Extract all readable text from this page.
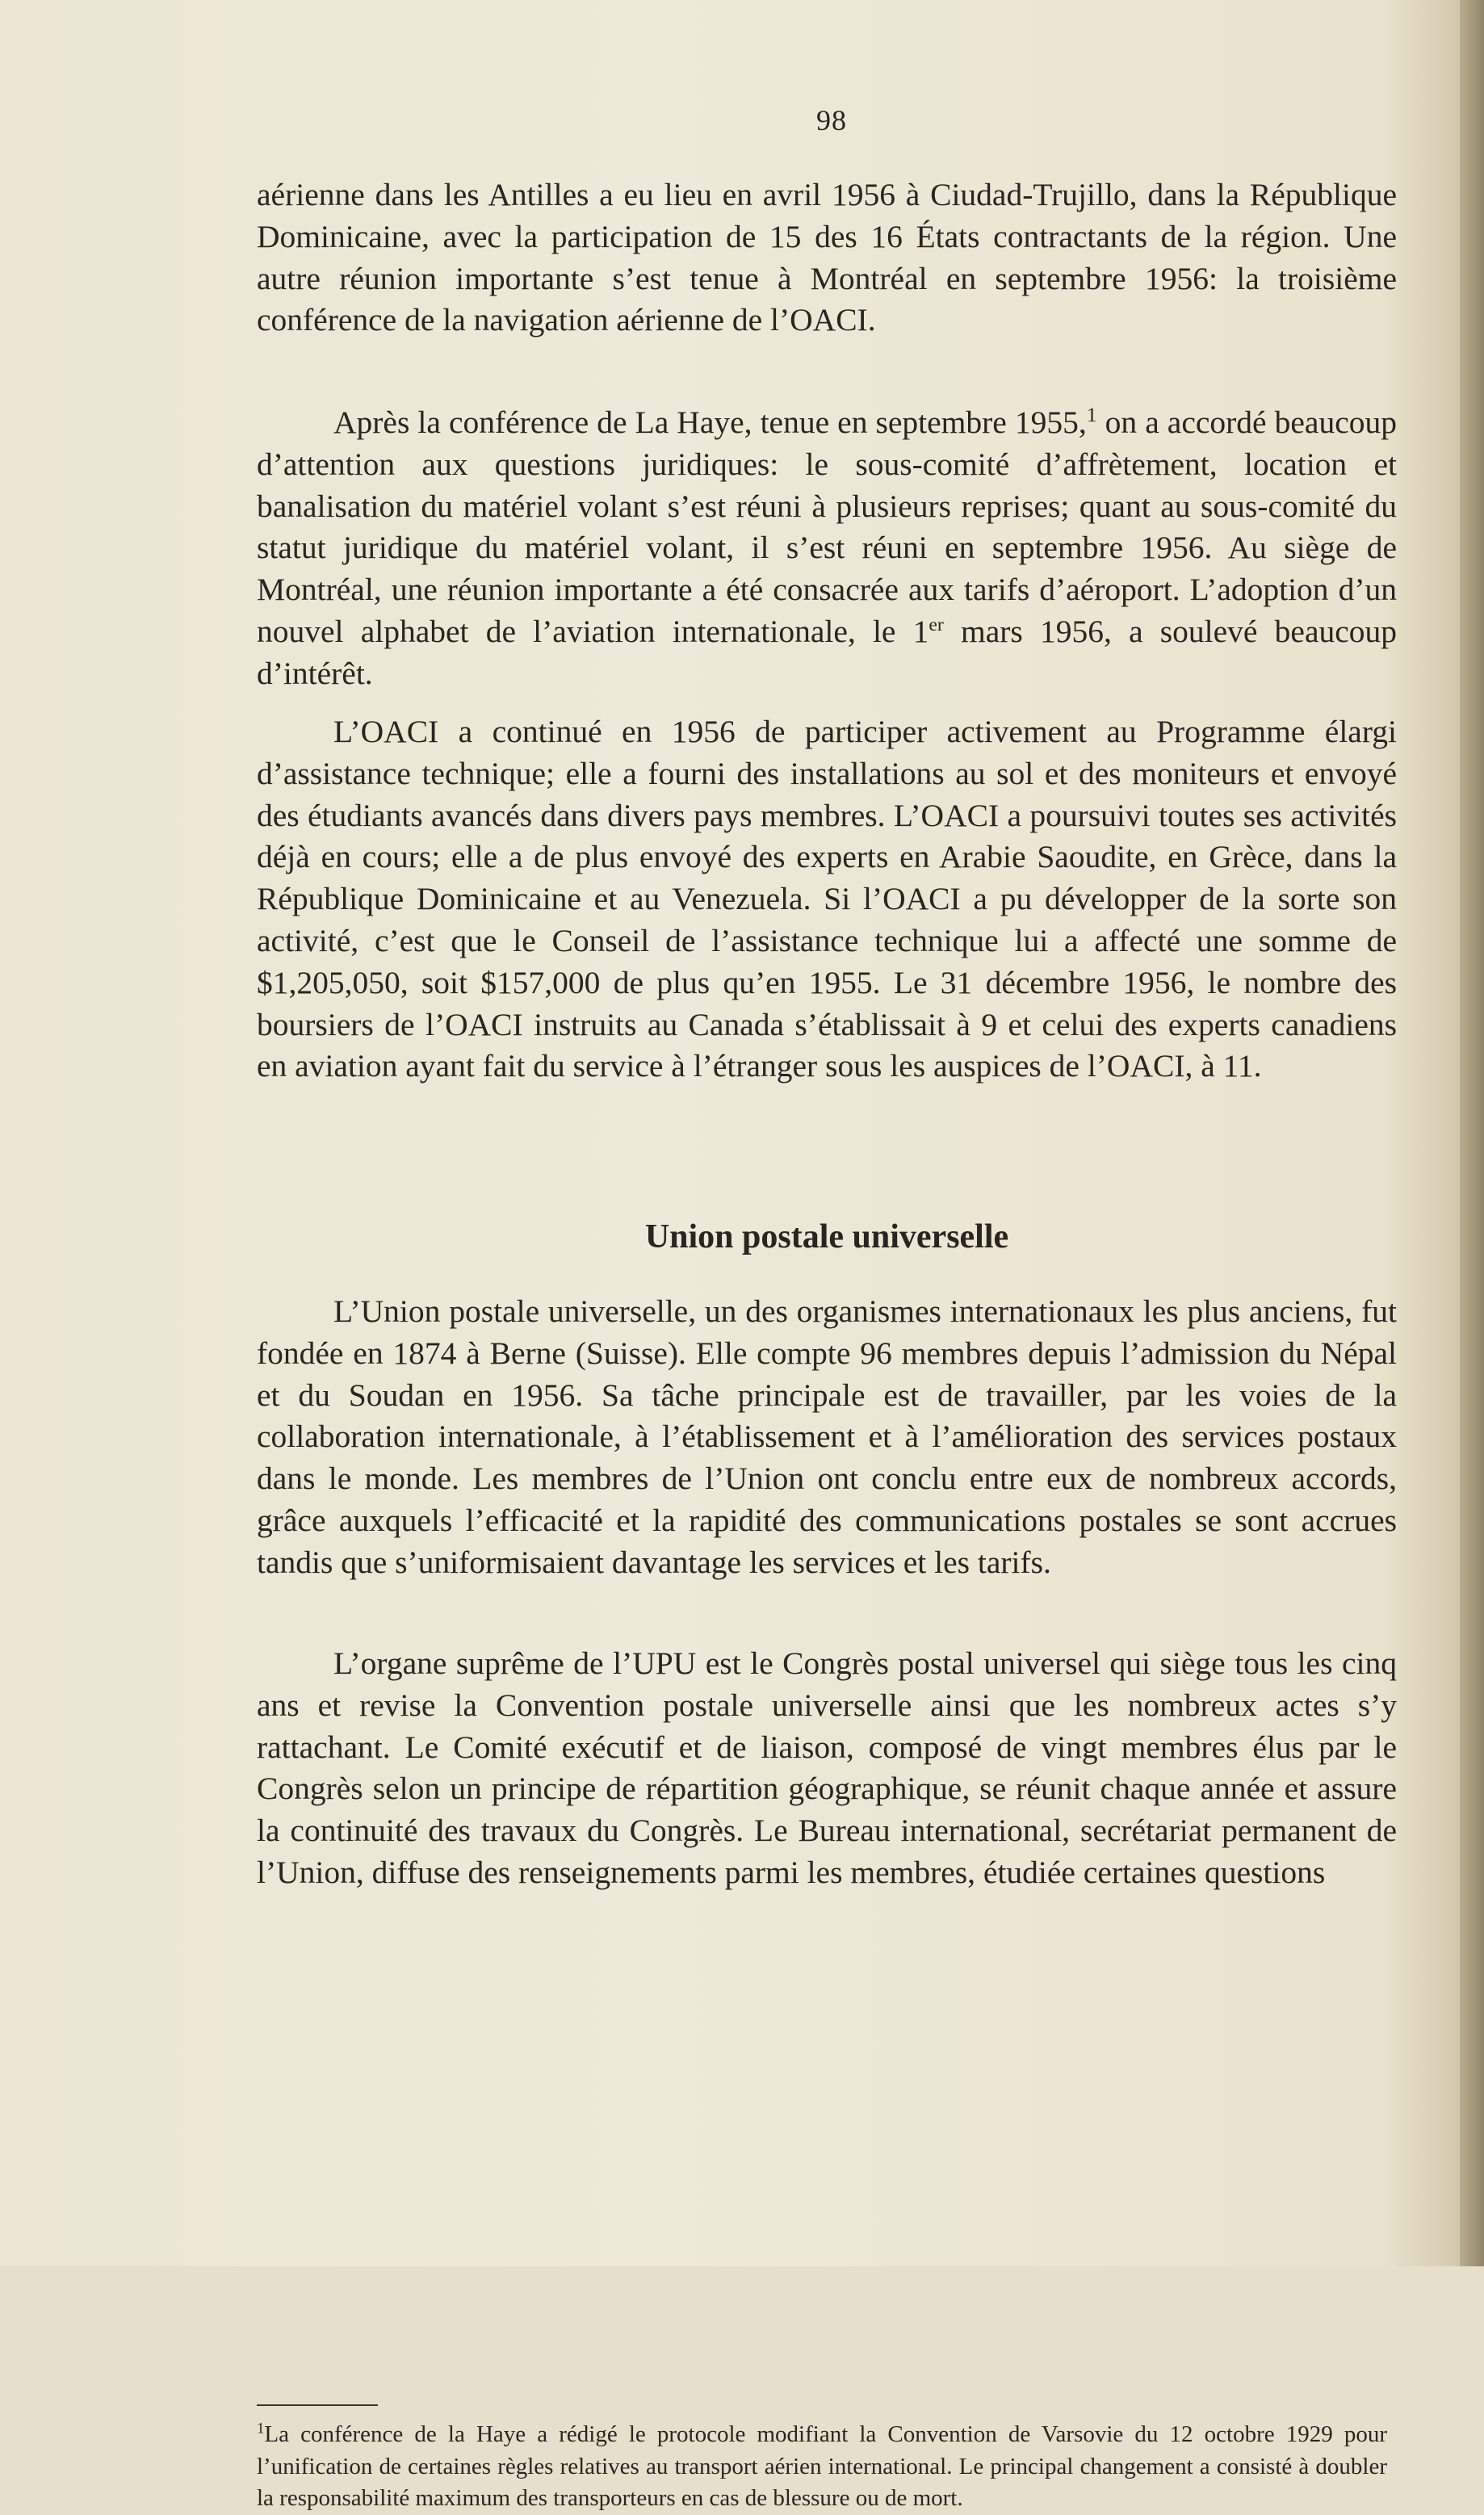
98

aérienne dans les Antilles a eu lieu en avril 1956 à Ciudad-Trujillo, dans la République Dominicaine, avec la participation de 15 des 16 États contractants de la région. Une autre réunion importante s’est tenue à Montréal en septembre 1956: la troisième conférence de la navigation aérienne de l’OACI.

Après la conférence de La Haye, tenue en septembre 1955,$^1$ on a accordé beaucoup d’attention aux questions juridiques: le sous-comité d’affrètement, location et banalisation du matériel volant s’est réuni à plusieurs reprises; quant au sous-comité du statut juridique du matériel volant, il s’est réuni en septembre 1956. Au siège de Montréal, une réunion importante a été consacrée aux tarifs d’aéroport. L’adoption d’un nouvel alphabet de l’aviation internationale, le 1er mars 1956, a soulevé beaucoup d’intérêt.

L’OACI a continué en 1956 de participer activement au Programme élargi d’assistance technique; elle a fourni des installations au sol et des moniteurs et envoyé des étudiants avancés dans divers pays membres. L’OACI a poursuivi toutes ses activités déjà en cours; elle a de plus envoyé des experts en Arabie Saoudite, en Grèce, dans la République Dominicaine et au Venezuela. Si l’OACI a pu développer de la sorte son activité, c’est que le Conseil de l’assistance technique lui a affecté une somme de $1,205,050, soit $157,000 de plus qu’en 1955. Le 31 décembre 1956, le nombre des boursiers de l’OACI instruits au Canada s’établissait à 9 et celui des experts canadiens en aviation ayant fait du service à l’étranger sous les auspices de l’OACI, à 11.

Union postale universelle

L’Union postale universelle, un des organismes internationaux les plus anciens, fut fondée en 1874 à Berne (Suisse). Elle compte 96 membres depuis l’admission du Népal et du Soudan en 1956. Sa tâche principale est de travailler, par les voies de la collaboration internationale, à l’établissement et à l’amélioration des services postaux dans le monde. Les membres de l’Union ont conclu entre eux de nombreux accords, grâce auxquels l’efficacité et la rapidité des communications postales se sont accrues tandis que s’uniformisaient davantage les services et les tarifs.

L’organe suprême de l’UPU est le Congrès postal universel qui siège tous les cinq ans et revise la Convention postale universelle ainsi que les nombreux actes s’y rattachant. Le Comité exécutif et de liaison, composé de vingt membres élus par le Congrès selon un principe de répartition géographique, se réunit chaque année et assure la continuité des travaux du Congrès. Le Bureau international, secrétariat permanent de l’Union, diffuse des renseignements parmi les membres, étudiée certaines questions

$^1$La conférence de la Haye a rédigé le protocole modifiant la Convention de Varsovie du 12 octobre 1929 pour l’unification de certaines règles relatives au transport aérien international. Le principal changement a consisté à doubler la responsabilité maximum des transporteurs en cas de blessure ou de mort.
